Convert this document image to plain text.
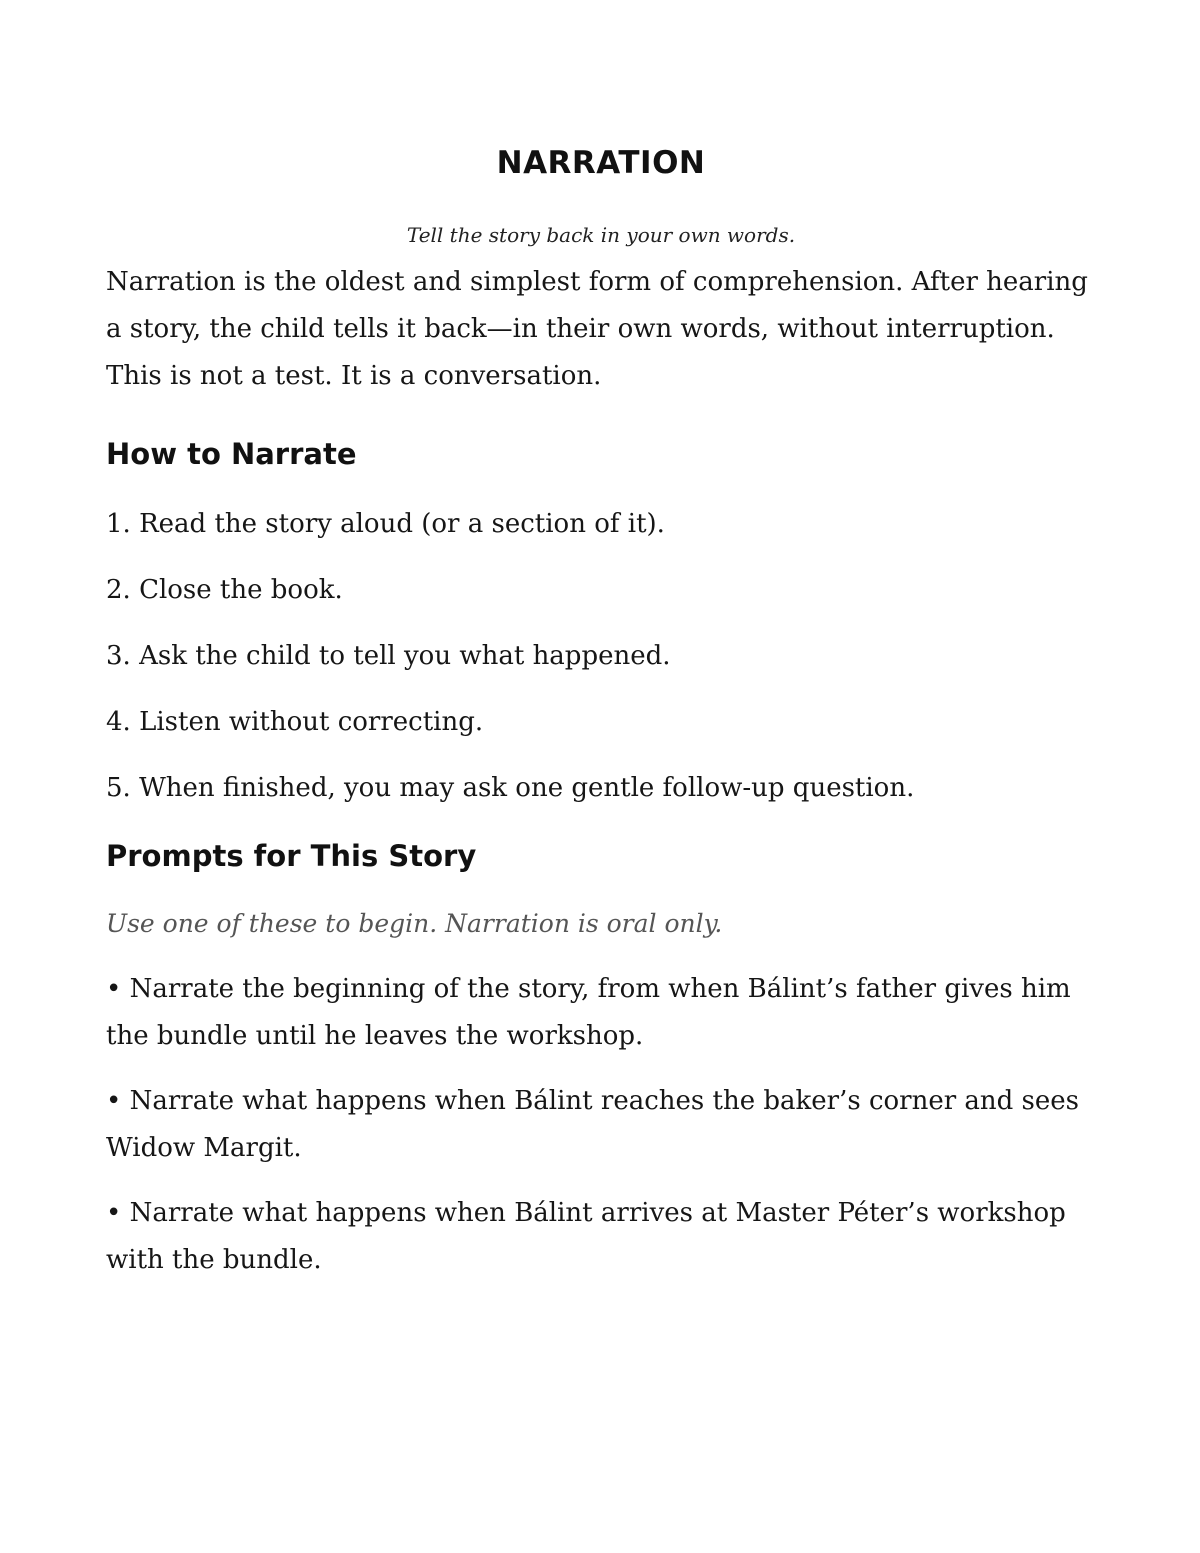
NARRATION

Tell the story back in your own words.

Narration is the oldest and simplest form of comprehension. After hearing a story, the child tells it back—in their own words, without interruption. This is not a test. It is a conversation.

How to Narrate
1. Read the story aloud (or a section of it).
2. Close the book.
3. Ask the child to tell you what happened.
4. Listen without correcting.
5. When finished, you may ask one gentle follow-up question.
Prompts for This Story

Use one of these to begin. Narration is oral only.

• Narrate the beginning of the story, from when Bálint’s father gives him the bundle until he leaves the workshop.
• Narrate what happens when Bálint reaches the baker’s corner and sees Widow Margit.
• Narrate what happens when Bálint arrives at Master Péter’s workshop with the bundle.
